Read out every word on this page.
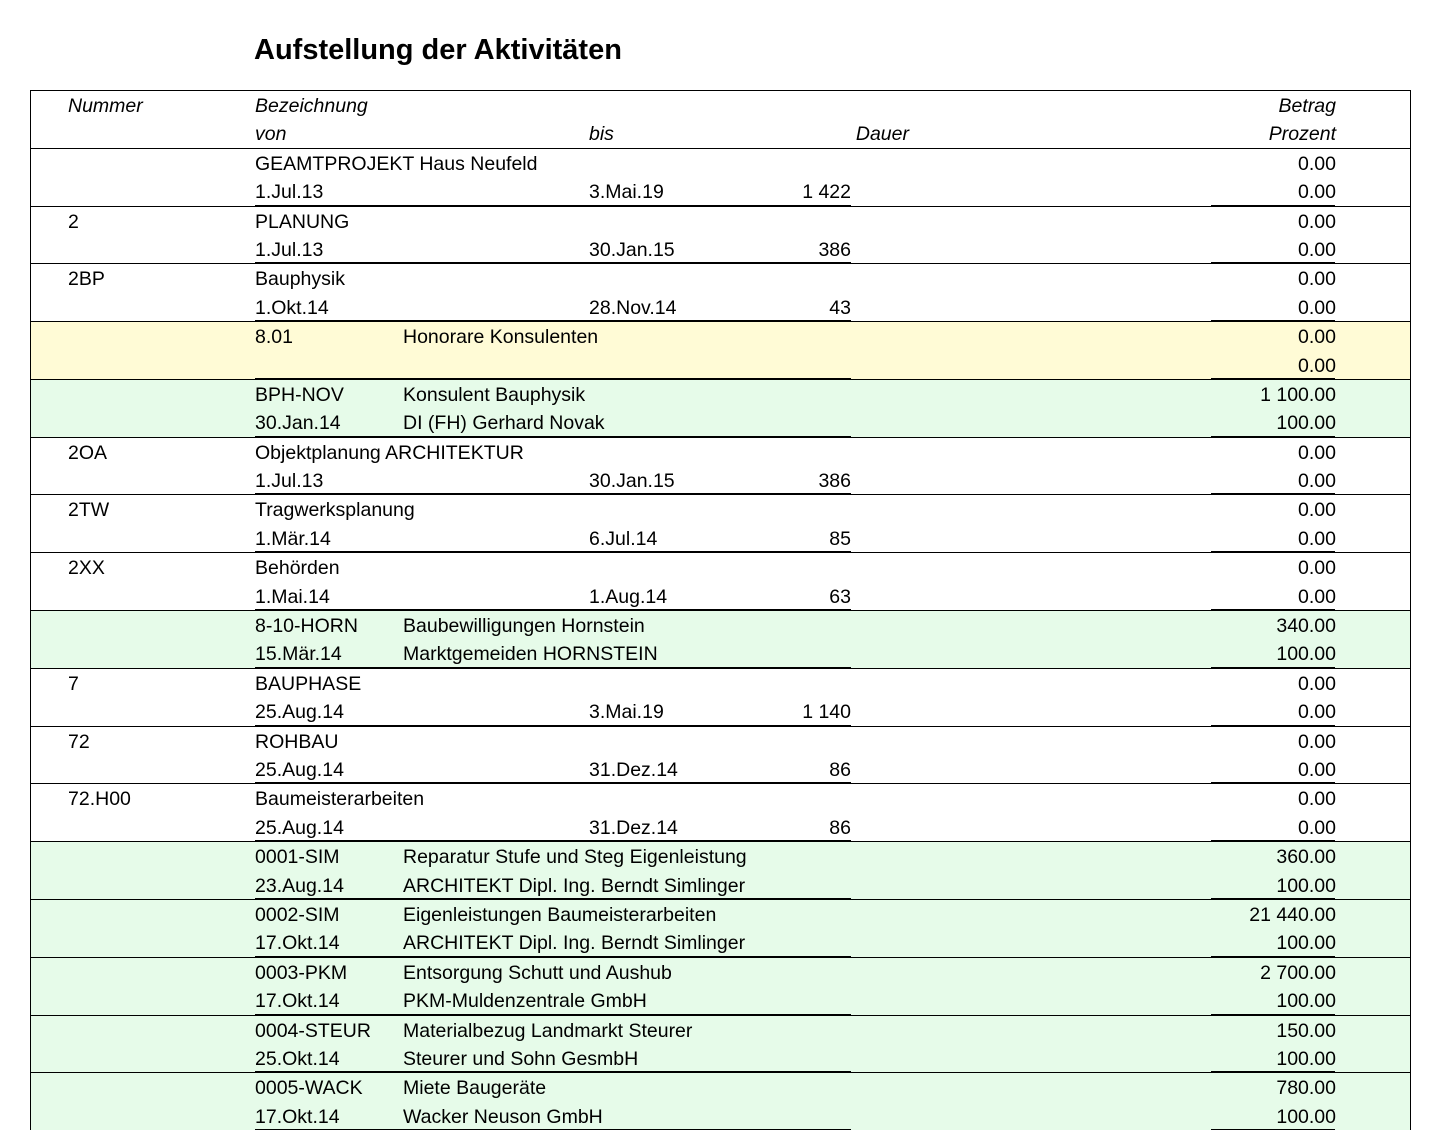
Aufstellung der Aktivitäten
Nummer	Bezeichnung	Betrag
von	bis	Dauer	Prozent
GEAMTPROJEKT Haus Neufeld	0.00
1.Jul.13	3.Mai.19	1 422	0.00
2	PLANUNG	0.00
1.Jul.13	30.Jan.15	386	0.00
2BP	Bauphysik	0.00
1.Okt.14	28.Nov.14	43	0.00
8.01	Honorare Konsulenten	0.00
0.00
BPH-NOV	Konsulent Bauphysik	1 100.00
30.Jan.14	DI (FH) Gerhard Novak	100.00
2OA	Objektplanung ARCHITEKTUR	0.00
1.Jul.13	30.Jan.15	386	0.00
2TW	Tragwerksplanung	0.00
1.Mär.14	6.Jul.14	85	0.00
2XX	Behörden	0.00
1.Mai.14	1.Aug.14	63	0.00
8-10-HORN Baubewilligungen Hornstein	340.00
15.Mär.14	Marktgemeiden HORNSTEIN	100.00
7	BAUPHASE	0.00
25.Aug.14	3.Mai.19	1 140	0.00
72	ROHBAU	0.00
25.Aug.14	31.Dez.14	86	0.00
72.H00	Baumeisterarbeiten	0.00
25.Aug.14	31.Dez.14	86	0.00
0001-SIM	Reparatur Stufe und Steg Eigenleistung	360.00
23.Aug.14	ARCHITEKT Dipl. Ing. Berndt Simlinger	100.00
0002-SIM	Eigenleistungen Baumeisterarbeiten	21 440.00
17.Okt.14	ARCHITEKT Dipl. Ing. Berndt Simlinger	100.00
0003-PKM	Entsorgung Schutt und Aushub	2 700.00
17.Okt.14	PKM-Muldenzentrale GmbH	100.00
0004-STEUR Materialbezug Landmarkt Steurer	150.00
25.Okt.14	Steurer und Sohn GesmbH	100.00
0005-WACK Miete Baugeräte	780.00
17.Okt.14	Wacker Neuson GmbH	100.00
